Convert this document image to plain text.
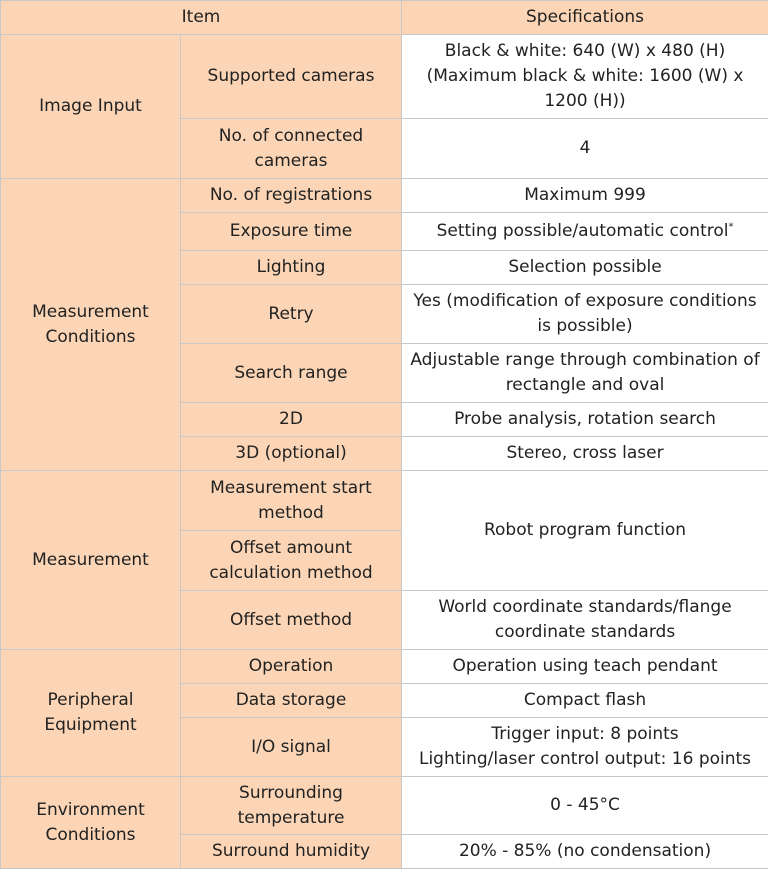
Item		Specifications
Image Input	Supported cameras	Black & white: 640 (W) x 480 (H)
(Maximum black & white: 1600 (W) x 1200 (H))
	No. of connected cameras	4
Measurement Conditions	No. of registrations	Maximum 999
	Exposure time	Setting possible/automatic control*
	Lighting	Selection possible
	Retry	Yes (modification of exposure conditions is possible)
	Search range	Adjustable range through combination of rectangle and oval
	2D	Probe analysis, rotation search
	3D (optional)	Stereo, cross laser
Measurement	Measurement start method	Robot program function
	Offset amount calculation method	
	Offset method	World coordinate standards/flange coordinate standards
Peripheral Equipment	Operation	Operation using teach pendant
	Data storage	Compact flash
	I/O signal	Trigger input: 8 points
Lighting/laser control output: 16 points
Environment Conditions	Surrounding temperature	0 - 45°C
	Surround humidity	20% - 85% (no condensation)
